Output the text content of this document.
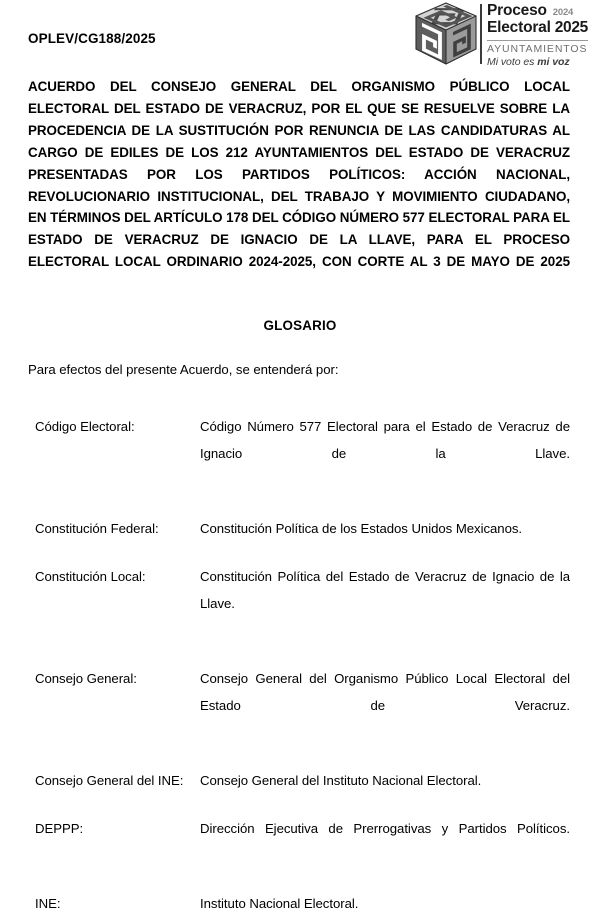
OPLEV/CG188/2025
Proceso 2024
Electoral 2025
AYUNTAMIENTOS
Mi voto es mi voz
ACUERDO DEL CONSEJO GENERAL DEL ORGANISMO PÚBLICO LOCAL ELECTORAL DEL ESTADO DE VERACRUZ, POR EL QUE SE RESUELVE SOBRE LA PROCEDENCIA DE LA SUSTITUCIÓN POR RENUNCIA DE LAS CANDIDATURAS AL CARGO DE EDILES DE LOS 212 AYUNTAMIENTOS DEL ESTADO DE VERACRUZ PRESENTADAS POR LOS PARTIDOS POLÍTICOS: ACCIÓN NACIONAL, REVOLUCIONARIO INSTITUCIONAL, DEL TRABAJO Y MOVIMIENTO CIUDADANO, EN TÉRMINOS DEL ARTÍCULO 178 DEL CÓDIGO NÚMERO 577 ELECTORAL PARA EL ESTADO DE VERACRUZ DE IGNACIO DE LA LLAVE, PARA EL PROCESO ELECTORAL LOCAL ORDINARIO 2024-2025, CON CORTE AL 3 DE MAYO DE 2025
GLOSARIO
Para efectos del presente Acuerdo, se entenderá por:
Código Electoral:	Código Número 577 Electoral para el Estado de Veracruz de Ignacio de la Llave.
Constitución Federal:	Constitución Política de los Estados Unidos Mexicanos.
Constitución Local:	Constitución Política del Estado de Veracruz de Ignacio de la Llave.
Consejo General:	Consejo General del Organismo Público Local Electoral del Estado de Veracruz.
Consejo General del INE:	Consejo General del Instituto Nacional Electoral.
DEPPP:	Dirección Ejecutiva de Prerrogativas y Partidos Políticos.
INE:	Instituto Nacional Electoral.
